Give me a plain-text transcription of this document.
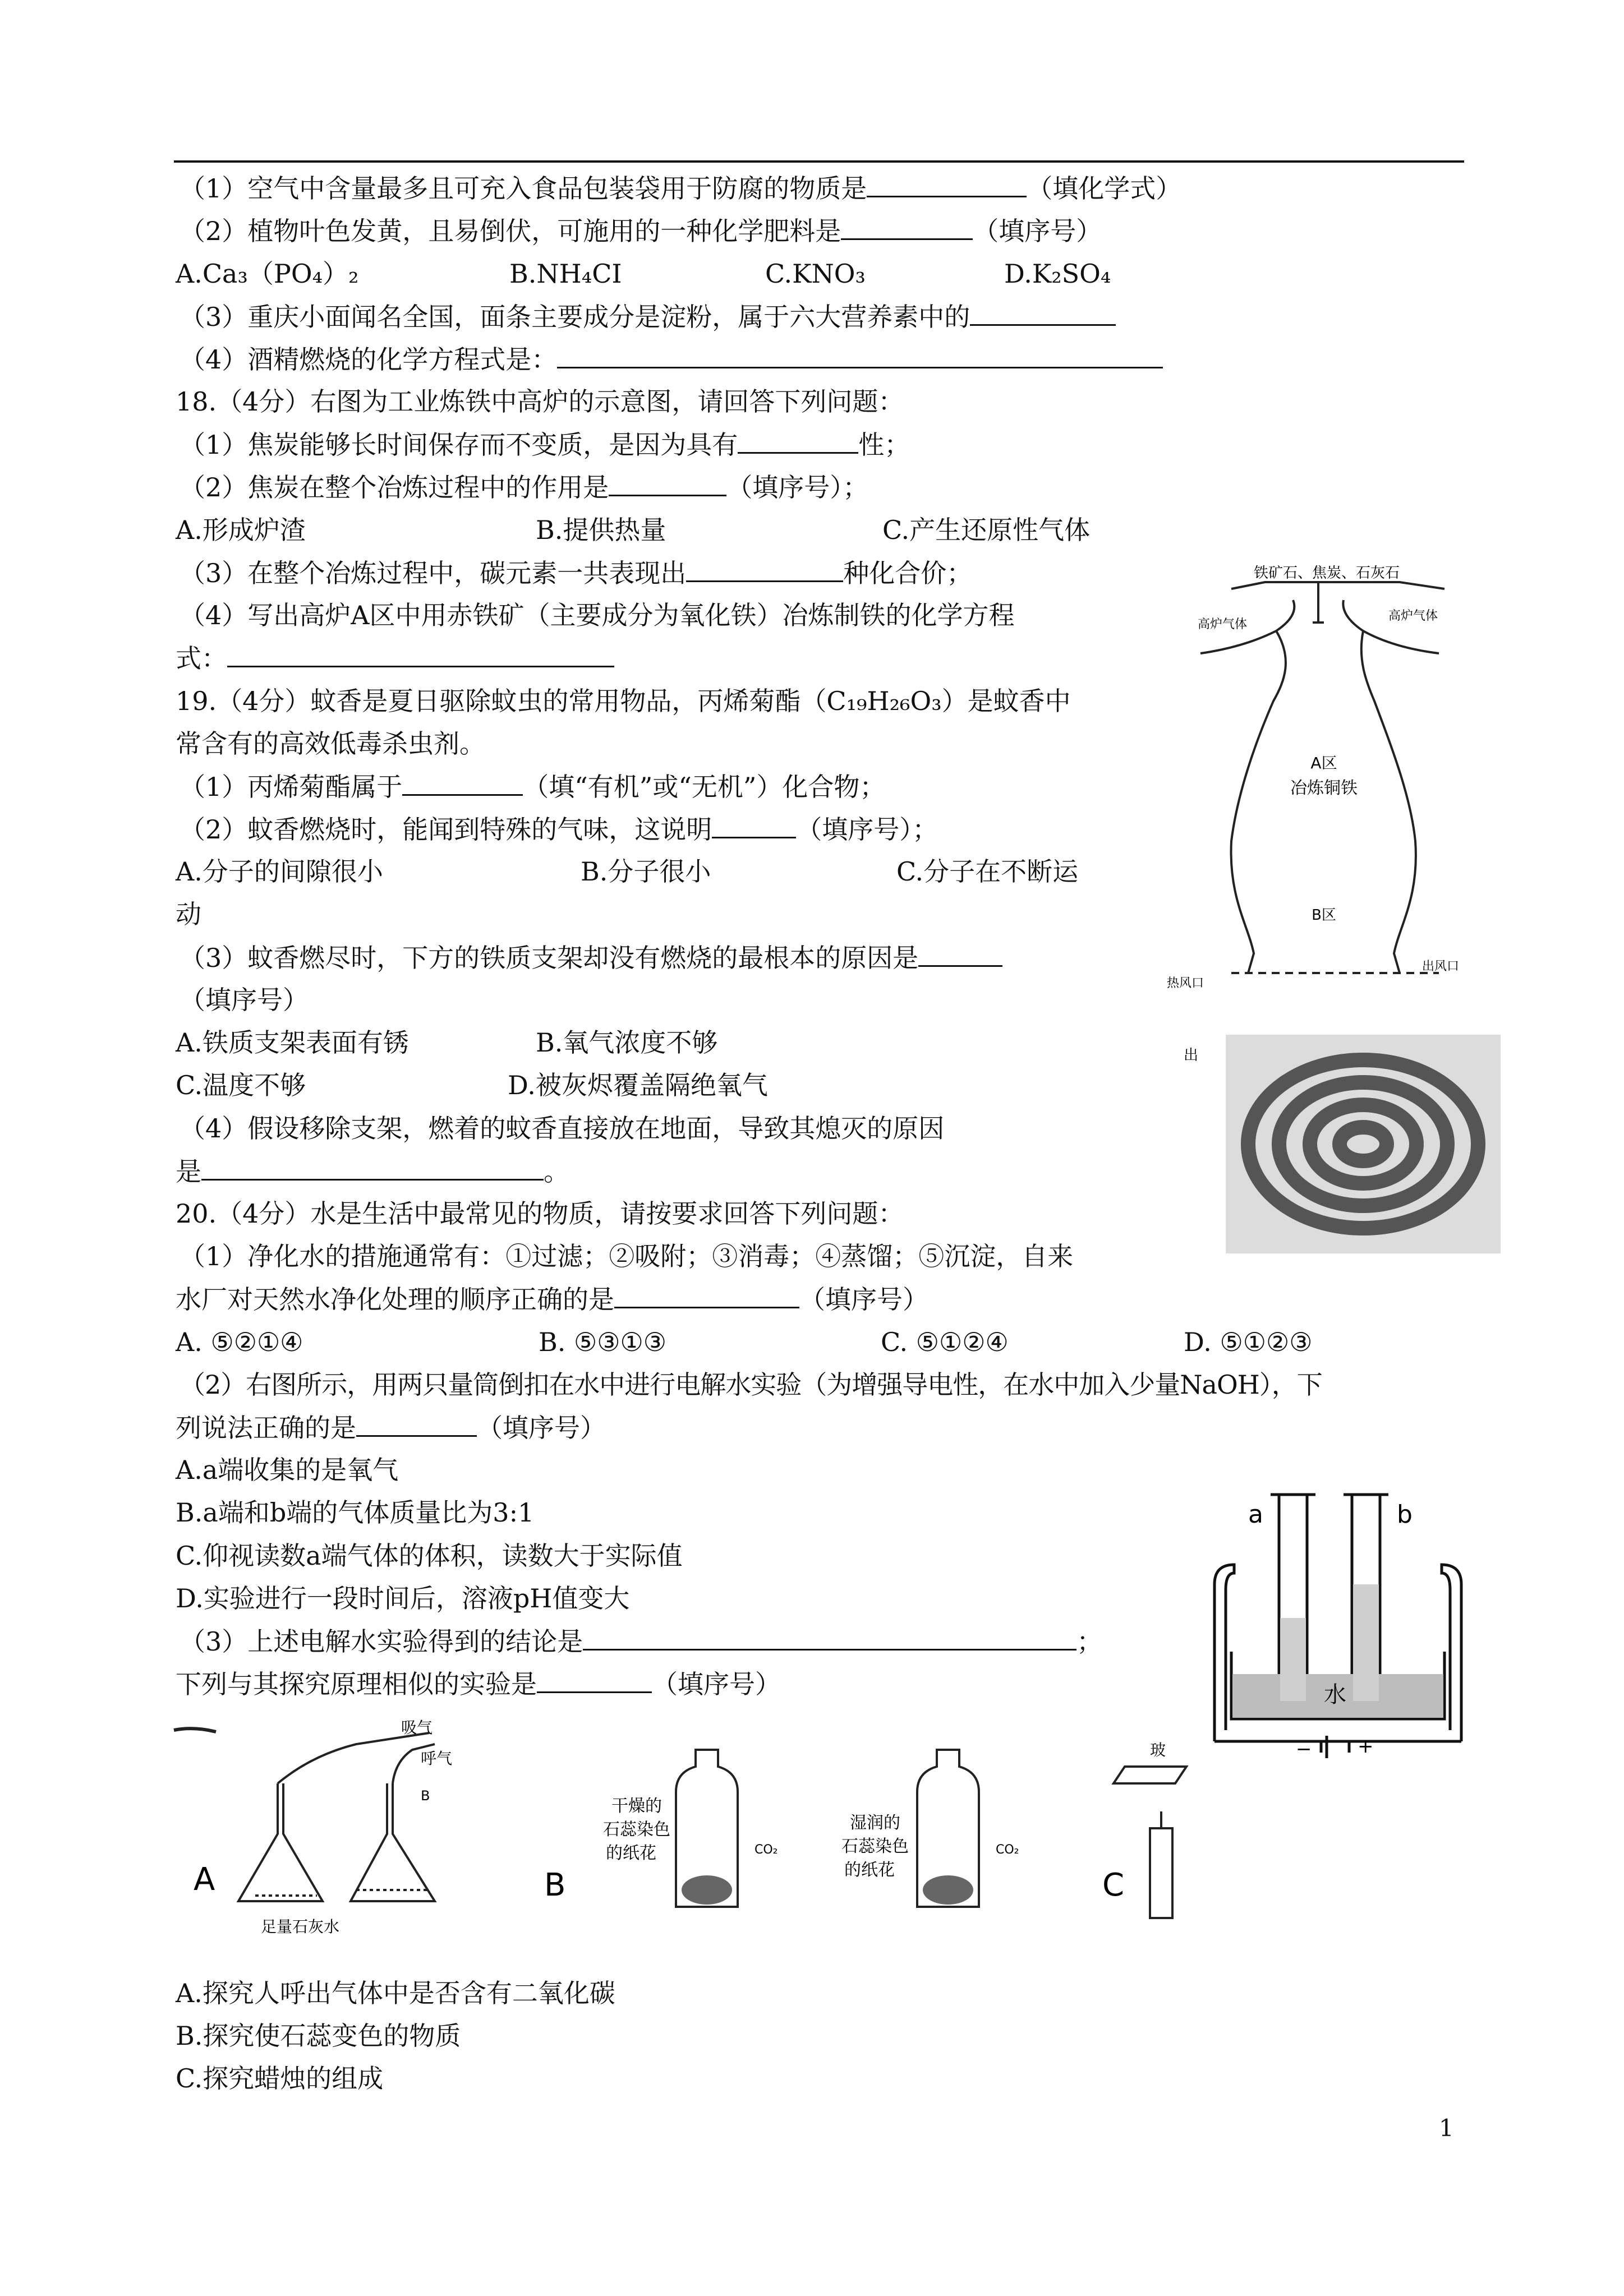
（1）空气中含量最多且可充入食品包装袋用于防腐的物质是	（填化学式）
（2）植物叶色发黄，且易倒伏，可施用的一种化学肥料是	（填序号）
A.Ca₃（PO₄）₂	B.NH₄CI	C.KNO₃	D.K₂SO₄
（3）重庆小面闻名全国，面条主要成分是淀粉，属于六大营养素中的
（4）酒精燃烧的化学方程式是：
18.（4分）右图为工业炼铁中高炉的示意图，请回答下列问题：
（1）焦炭能够长时间保存而不变质，是因为具有	性；
（2）焦炭在整个冶炼过程中的作用是	（填序号）；
A.形成炉渣	B.提供热量	C.产生还原性气体
（3）在整个冶炼过程中，碳元素一共表现出	种化合价；
（4）写出高炉A区中用赤铁矿（主要成分为氧化铁）冶炼制铁的化学方程
式：
19.（4分）蚊香是夏日驱除蚊虫的常用物品，丙烯菊酯（C₁₉H₂₆O₃）是蚊香中
常含有的高效低毒杀虫剂。
（1）丙烯菊酯属于	（填“有机”或“无机”）化合物；
（2）蚊香燃烧时，能闻到特殊的气味，这说明	（填序号）；
A.分子的间隙很小	B.分子很小	C.分子在不断运
动
（3）蚊香燃尽时，下方的铁质支架却没有燃烧的最根本的原因是
（填序号）
A.铁质支架表面有锈	B.氧气浓度不够
C.温度不够	D.被灰烬覆盖隔绝氧气
（4）假设移除支架，燃着的蚊香直接放在地面，导致其熄灭的原因
是	。
20.（4分）水是生活中最常见的物质，请按要求回答下列问题：
（1）净化水的措施通常有：①过滤；②吸附；③消毒；④蒸馏；⑤沉淀，自来
水厂对天然水净化处理的顺序正确的是	（填序号）
A. ⑤②①④	B. ⑤③①③	C. ⑤①②④	D. ⑤①②③
（2）右图所示，用两只量筒倒扣在水中进行电解水实验（为增强导电性，在水中加入少量NaOH），下
列说法正确的是	（填序号）
A.a端收集的是氧气
B.a端和b端的气体质量比为3:1
C.仰视读数a端气体的体积，读数大于实际值
D.实验进行一段时间后，溶液pH值变大
（3）上述电解水实验得到的结论是	；
下列与其探究原理相似的实验是	（填序号）
A.探究人呼出气体中是否含有二氧化碳
B.探究使石蕊变色的物质
C.探究蜡烛的组成
铁矿石、焦炭、石灰石
高炉气体
高炉气体
A区
冶炼铜铁
B区
热风口
出风口
出
a	b
水
− +
A
吸气
呼气
B
足量石灰水
B
干燥的
石蕊染色
的纸花	CO₂
湿润的
石蕊染色
的纸花
CO₂
C
玻
1
